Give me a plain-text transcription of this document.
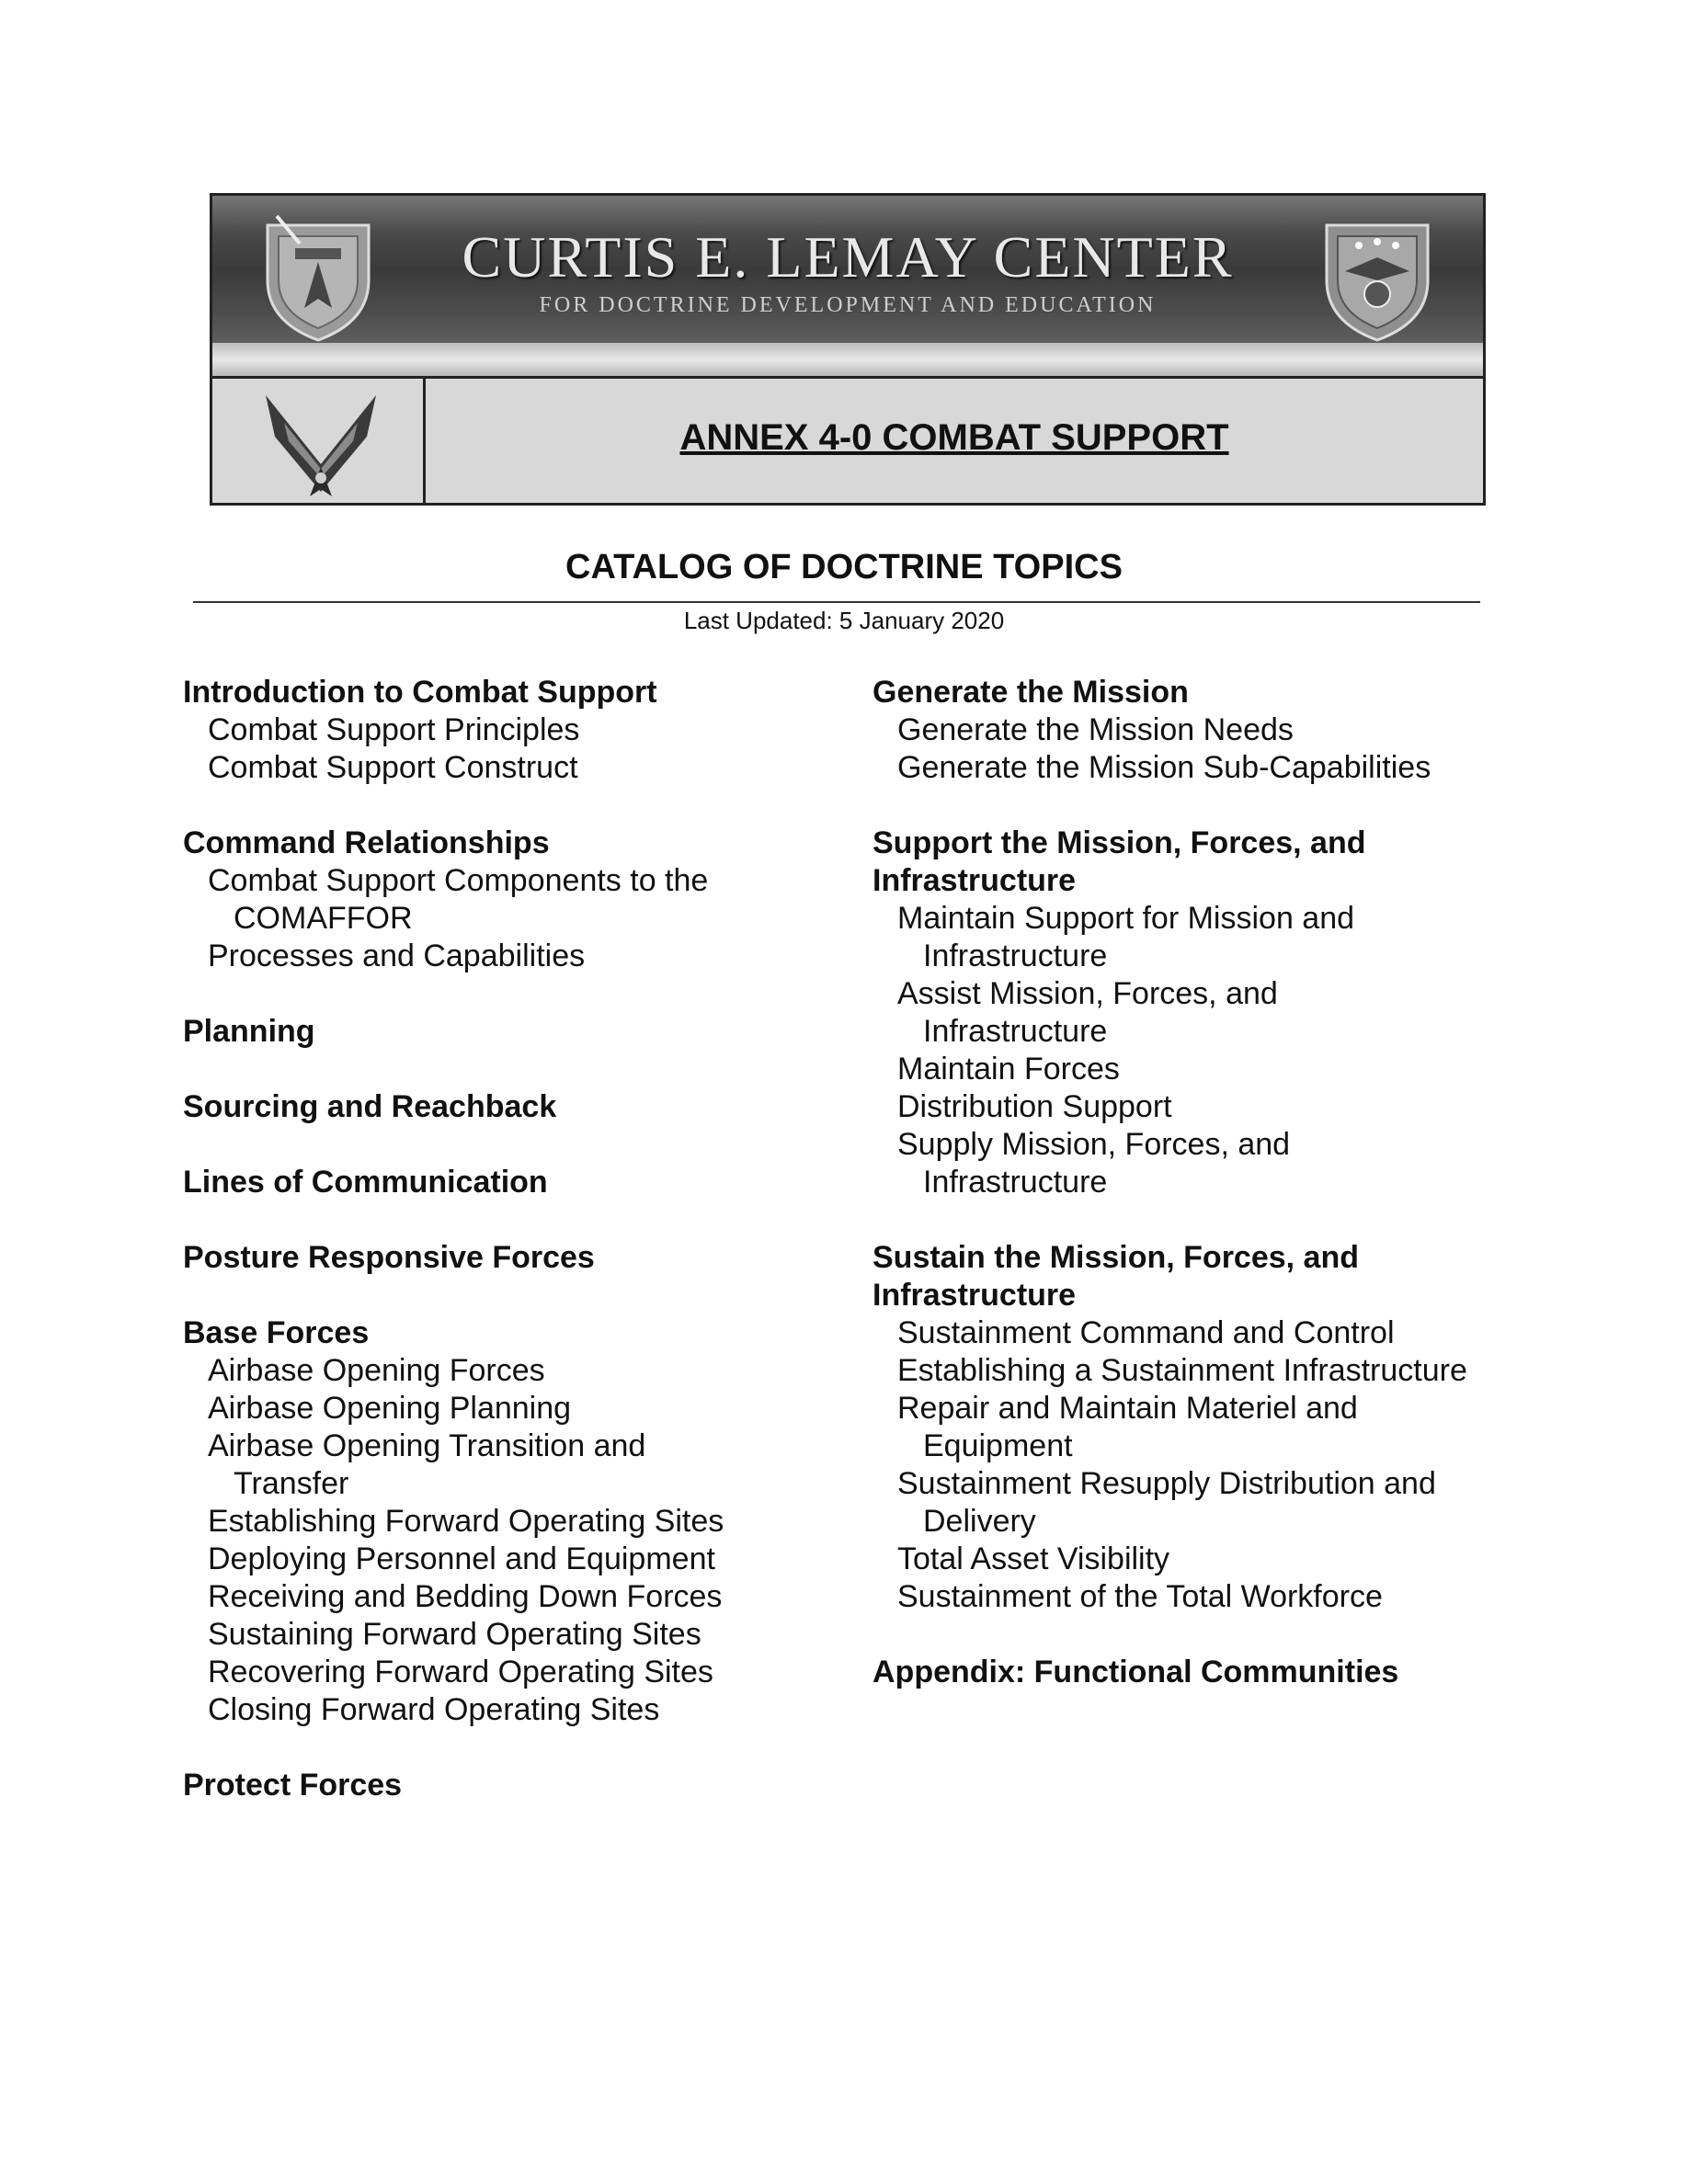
CURTIS E. LEMAY CENTER
FOR DOCTRINE DEVELOPMENT AND EDUCATION
ANNEX 4-0 COMBAT SUPPORT
CATALOG OF DOCTRINE TOPICS
Last Updated: 5 January 2020
Introduction to Combat Support
Combat Support Principles
Combat Support Construct
Command Relationships
Combat Support Components to the
COMAFFOR
Processes and Capabilities
Planning
Sourcing and Reachback
Lines of Communication
Posture Responsive Forces
Base Forces
Airbase Opening Forces
Airbase Opening Planning
Airbase Opening Transition and
Transfer
Establishing Forward Operating Sites
Deploying Personnel and Equipment
Receiving and Bedding Down Forces
Sustaining Forward Operating Sites
Recovering Forward Operating Sites
Closing Forward Operating Sites
Protect Forces
Generate the Mission
Generate the Mission Needs
Generate the Mission Sub-Capabilities
Support the Mission, Forces, and
Infrastructure
Maintain Support for Mission and
Infrastructure
Assist Mission, Forces, and
Infrastructure
Maintain Forces
Distribution Support
Supply Mission, Forces, and
Infrastructure
Sustain the Mission, Forces, and
Infrastructure
Sustainment Command and Control
Establishing a Sustainment Infrastructure
Repair and Maintain Materiel and
Equipment
Sustainment Resupply Distribution and
Delivery
Total Asset Visibility
Sustainment of the Total Workforce
Appendix: Functional Communities
